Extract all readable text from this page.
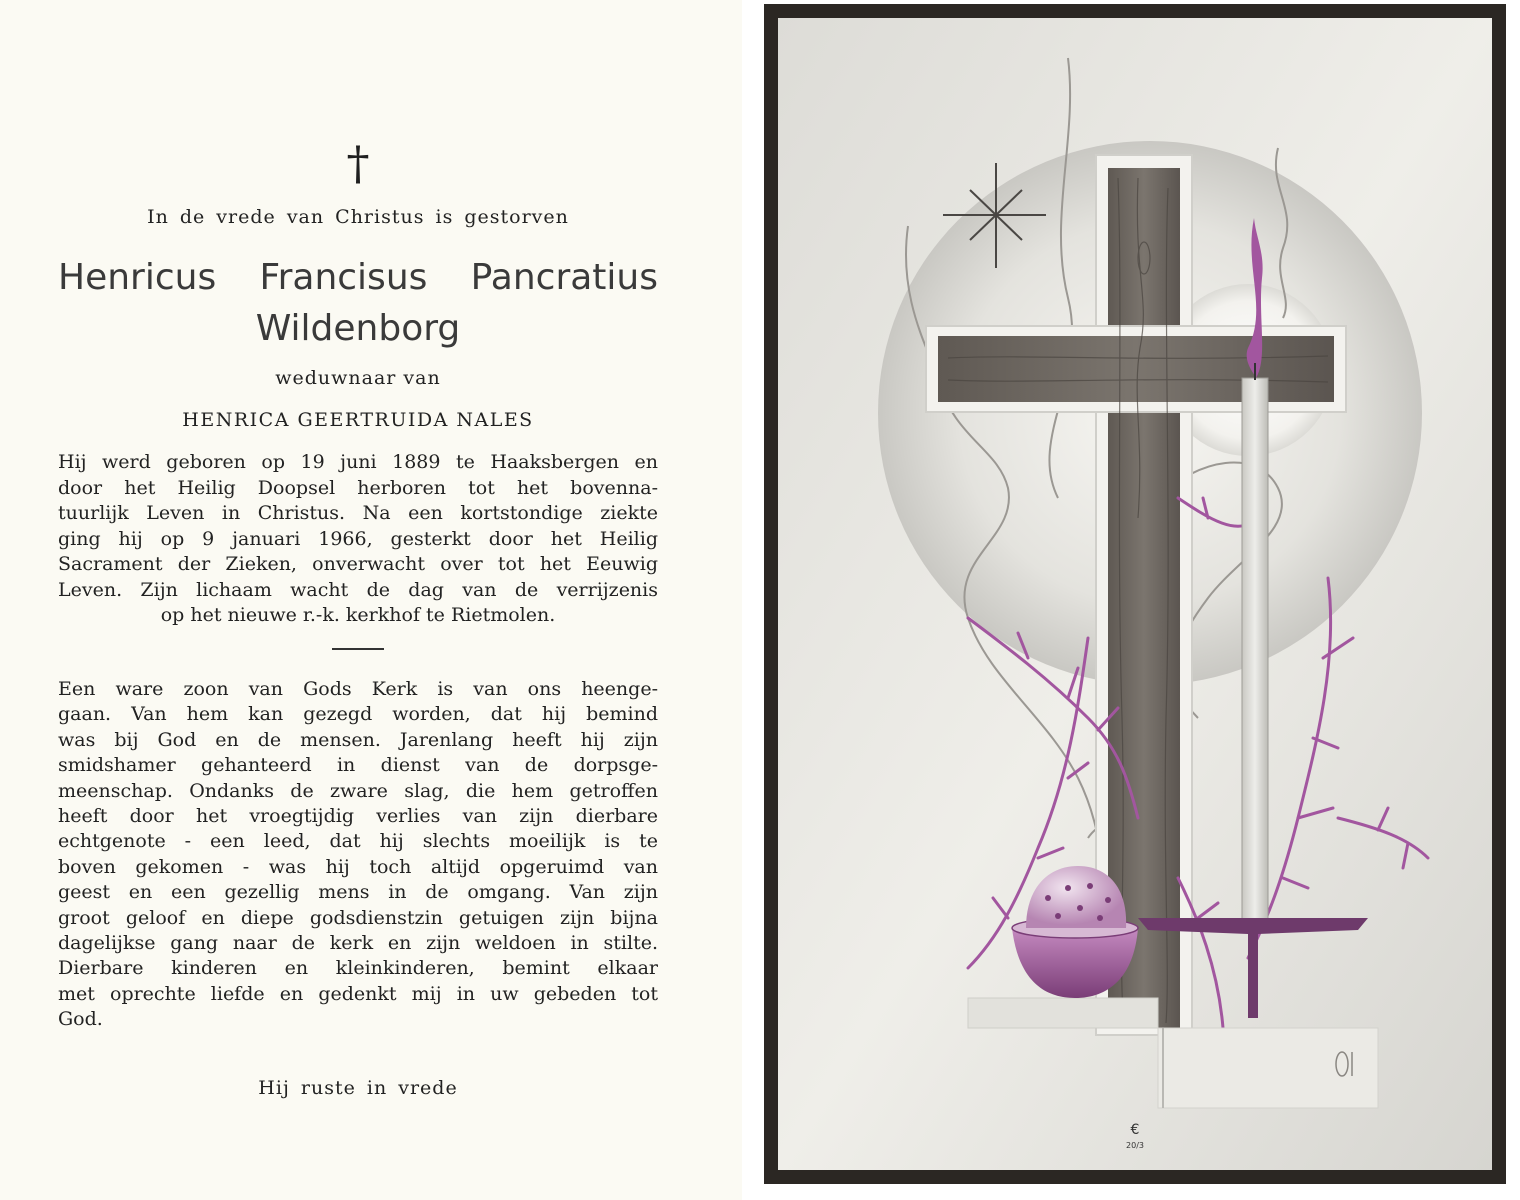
†
In de vrede van Christus is gestorven
Henricus Francisus Pancratius
Wildenborg
weduwnaar van
HENRICA GEERTRUIDA NALES
Hij werd geboren op 19 juni 1889 te Haaksbergen en
door het Heilig Doopsel herboren tot het bovenna-
tuurlijk Leven in Christus. Na een kortstondige ziekte
ging hij op 9 januari 1966, gesterkt door het Heilig
Sacrament der Zieken, onverwacht over tot het Eeuwig
Leven. Zijn lichaam wacht de dag van de verrijzenis
op het nieuwe r.-k. kerkhof te Rietmolen.
Een ware zoon van Gods Kerk is van ons heenge-
gaan. Van hem kan gezegd worden, dat hij bemind
was bij God en de mensen. Jarenlang heeft hij zijn
smidshamer gehanteerd in dienst van de dorpsge-
meenschap. Ondanks de zware slag, die hem getroffen
heeft door het vroegtijdig verlies van zijn dierbare
echtgenote - een leed, dat hij slechts moeilijk is te
boven gekomen - was hij toch altijd opgeruimd van
geest en een gezellig mens in de omgang. Van zijn
groot geloof en diepe godsdienstzin getuigen zijn bijna
dagelijkse gang naar de kerk en zijn weldoen in stilte.
Dierbare kinderen en kleinkinderen, bemint elkaar
met oprechte liefde en gedenkt mij in uw gebeden tot
God.
Hij ruste in vrede
€
20/3
